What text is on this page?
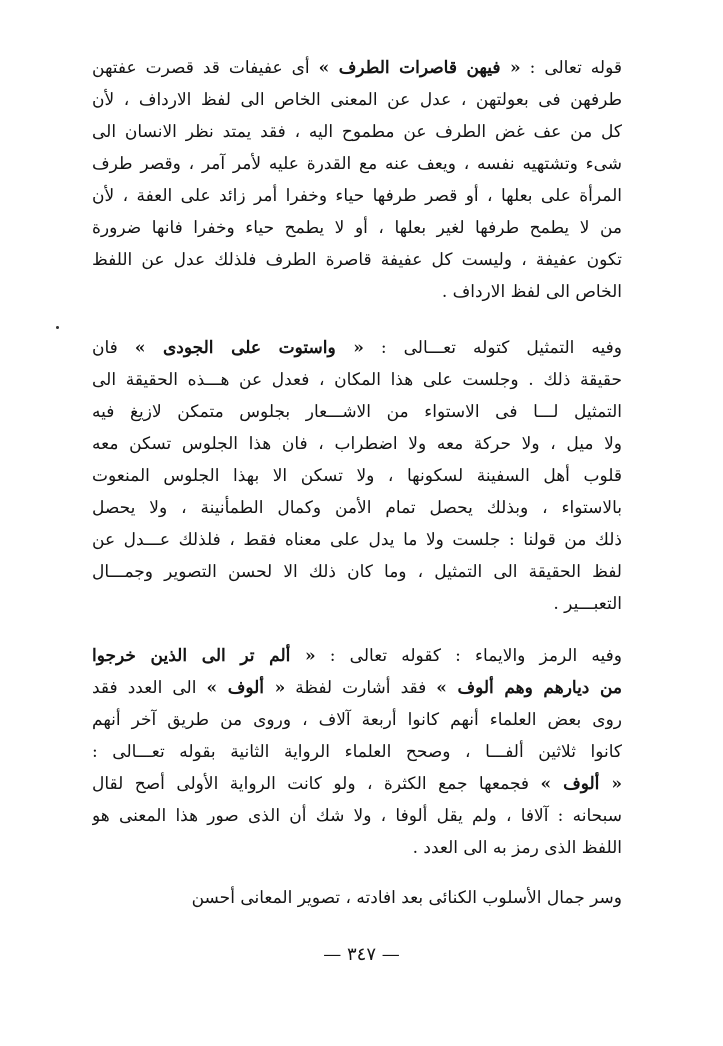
قوله تعالى : « فيهن قاصرات الطرف » أى عفيفات قد قصرت عفتهن
طرفهن فى بعولتهن ، عدل عن المعنى الخاص الى لفظ الارداف ، لأن
كل من عف غض الطرف عن مطموح اليه ، فقد يمتد نظر الانسان الى
شىء وتشتهيه نفسه ، ويعف عنه مع القدرة عليه لأمر آمر ، وقصر طرف
المرأة على بعلها ، أو قصر طرفها حياء وخفرا أمر زائد على العفة ، لأن
من لا يطمح طرفها لغير بعلها ، أو لا يطمح حياء وخفرا فانها ضرورة
تكون عفيفة ، وليست كل عفيفة قاصرة الطرف فلذلك عدل عن اللفظ
الخاص الى لفظ الارداف .
وفيه التمثيل كتوله تعـــالى : « واستوت على الجودى » فان
حقيقة ذلك . وجلست على هذا المكان ، فعدل عن هـــذه الحقيقة الى
التمثيل لـــا فى الاستواء من الاشـــعار بجلوس متمكن لازيغ فيه
ولا ميل ، ولا حركة معه ولا اضطراب ، فان هذا الجلوس تسكن معه
قلوب أهل السفينة لسكونها ، ولا تسكن الا بهذا الجلوس المنعوت
بالاستواء ، وبذلك يحصل تمام الأمن وكمال الطمأنينة ، ولا يحصل
ذلك من قولنا : جلست ولا ما يدل على معناه فقط ، فلذلك عـــدل عن
لفظ الحقيقة الى التمثيل ، وما كان ذلك الا لحسن التصوير وجمـــال
التعبـــير .
وفيه الرمز والايماء : كقوله تعالى : « ألم تر الى الذين خرجوا
من ديارهم وهم ألوف » فقد أشارت لفظة « ألوف » الى العدد فقد
روى بعض العلماء أنهم كانوا أربعة آلاف ، وروى من طريق آخر أنهم
كانوا ثلاثين ألفـــا ، وصحح العلماء الرواية الثانية بقوله تعـــالى :
« ألوف » فجمعها جمع الكثرة ، ولو كانت الرواية الأولى أصح لقال
سبحانه : آلافا ، ولم يقل ألوفا ، ولا شك أن الذى صور هذا المعنى هو
اللفظ الذى رمز به الى العدد .
وسر جمال الأسلوب الكنائى بعد افادته ، تصوير المعانى أحسن
— ٣٤٧ —
